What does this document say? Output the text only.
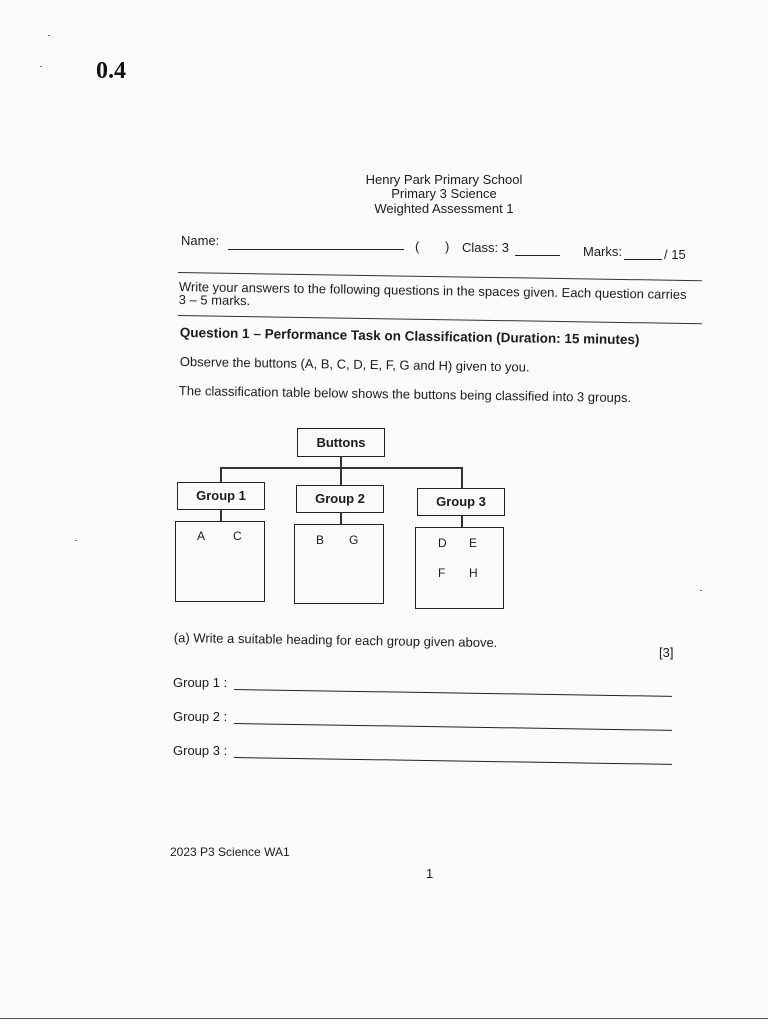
0.4
Henry Park Primary School
Primary 3 Science
Weighted Assessment 1
Name:	( ) Class: 3	Marks:	/ 15
Write your answers to the following questions in the spaces given. Each question carries 3 – 5 marks.
Question 1 – Performance Task on Classification (Duration: 15 minutes)
Observe the buttons (A, B, C, D, E, F, G and H) given to you.
The classification table below shows the buttons being classified into 3 groups.
Buttons
Group 1
A C
Group 2
B G
Group 3
D E
F H
(a) Write a suitable heading for each group given above.
[3]
Group 1 :
Group 2 :
Group 3 :
2023 P3 Science WA1
1
